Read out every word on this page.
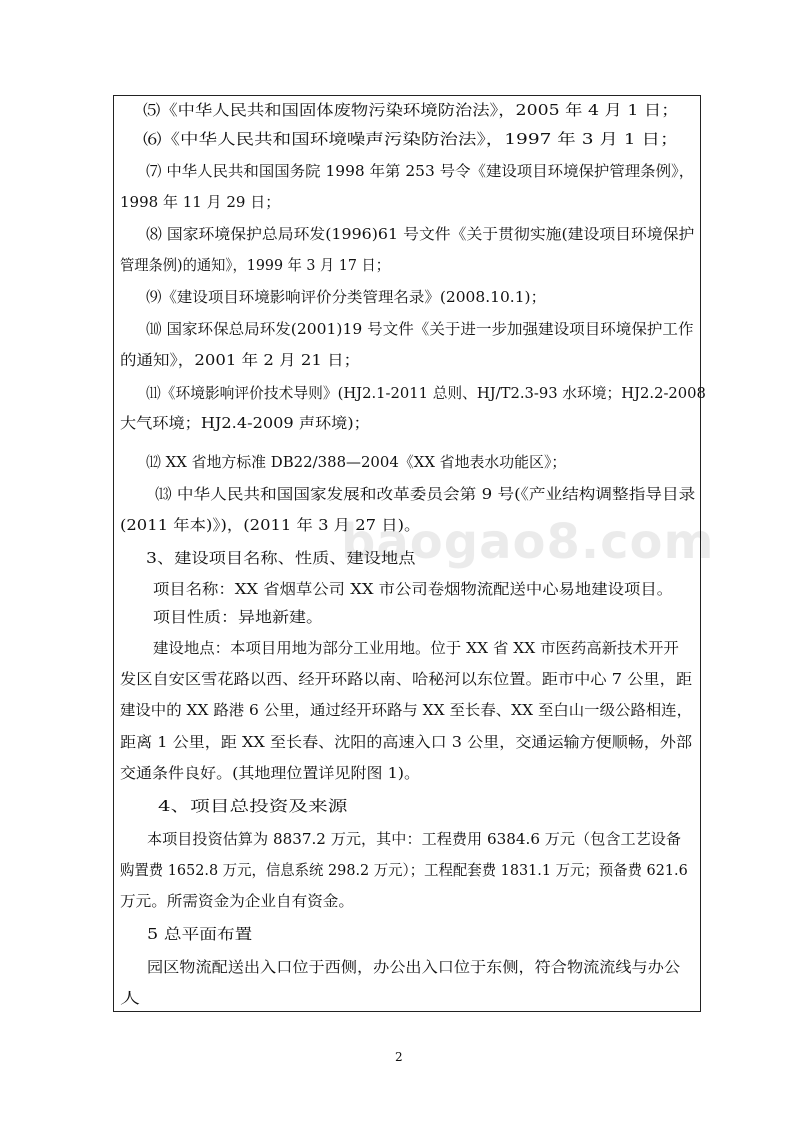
baogao8.com
⑸《中华人民共和国固体废物污染环境防治法》，2005 年 4 月 1 日；
⑹《中华人民共和国环境噪声污染防治法》，1997 年 3 月 1 日；
⑺ 中华人民共和国国务院 1998 年第 253 号令《建设项目环境保护管理条例》，
1998 年 11 月 29 日；
⑻ 国家环境保护总局环发(1996)61 号文件《关于贯彻实施(建设项目环境保护
管理条例)的通知》，1999 年 3 月 17 日；
⑼《建设项目环境影响评价分类管理名录》(2008.10.1)；
⑽ 国家环保总局环发(2001)19 号文件《关于进一步加强建设项目环境保护工作
的通知》，2001 年 2 月 21 日；
⑾《环境影响评价技术导则》(HJ2.1-2011 总则、HJ/T2.3-93 水环境；HJ2.2-2008
大气环境；HJ2.4-2009 声环境)；
⑿ XX 省地方标准 DB22/388—2004《XX 省地表水功能区》；
⒀ 中华人民共和国国家发展和改革委员会第 9 号(《产业结构调整指导目录
(2011 年本)》)，(2011 年 3 月 27 日)。
3、建设项目名称、性质、建设地点
项目名称：XX 省烟草公司 XX 市公司卷烟物流配送中心易地建设项目。
项目性质：异地新建。
建设地点：本项目用地为部分工业用地。位于 XX 省 XX 市医药高新技术开开
发区自安区雪花路以西、经开环路以南、哈秘河以东位置。距市中心 7 公里，距
建设中的 XX 路港 6 公里，通过经开环路与 XX 至长春、XX 至白山一级公路相连，
距离 1 公里，距 XX 至长春、沈阳的高速入口 3 公里，交通运输方便顺畅，外部
交通条件良好。(其地理位置详见附图 1)。
4、项目总投资及来源
本项目投资估算为 8837.2 万元，其中：工程费用 6384.6 万元（包含工艺设备
购置费 1652.8 万元，信息系统 298.2 万元）；工程配套费 1831.1 万元；预备费 621.6
万元。所需资金为企业自有资金。
5 总平面布置
园区物流配送出入口位于西侧，办公出入口位于东侧，符合物流流线与办公
人
2
